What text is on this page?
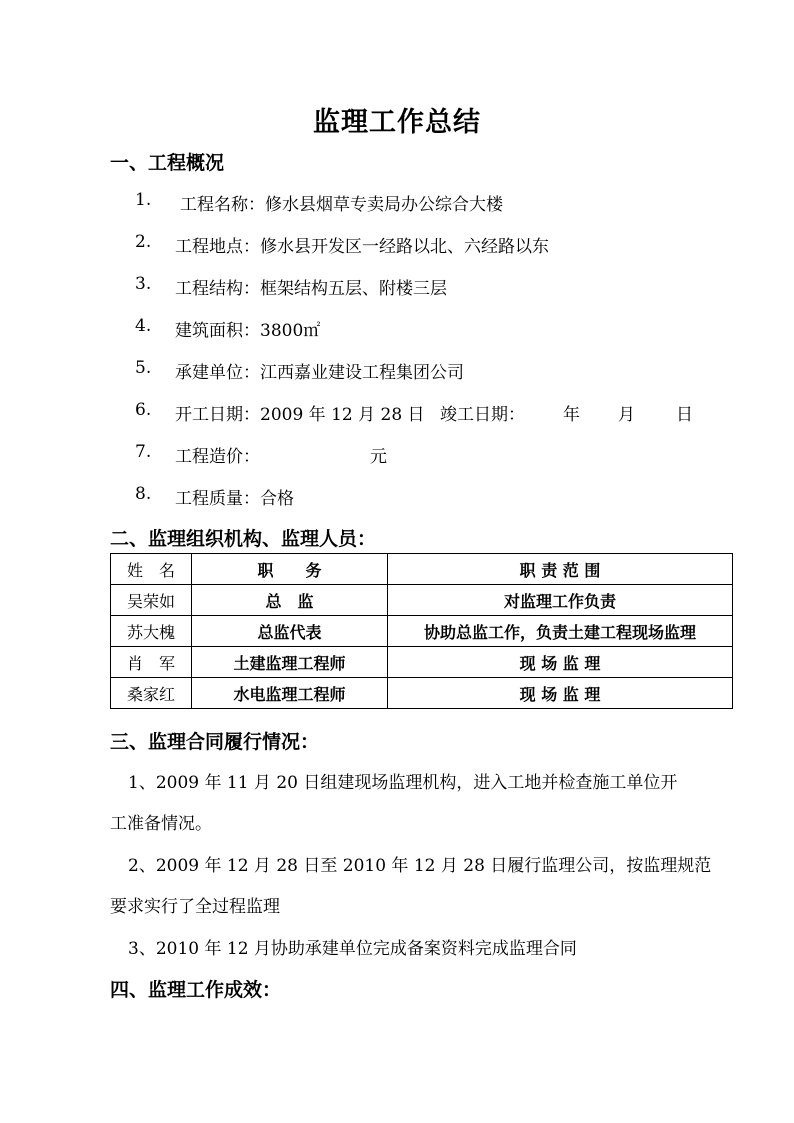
监理工作总结
一、工程概况
1. 工程名称：修水县烟草专卖局办公综合大楼
2. 工程地点：修水县开发区一经路以北、六经路以东
3. 工程结构：框架结构五层、附楼三层
4. 建筑面积：3800㎡
5. 承建单位：江西嘉业建设工程集团公司
6. 开工日期：2009 年 12 月 28 日 竣工日期： 年 月 日
7. 工程造价：	元
8. 工程质量：合格
二、监理组织机构、监理人员：
姓　名	职　　务	职 责 范 围
吴荣如	总　监	对监理工作负责
苏大槐	总监代表	协助总监工作，负责土建工程现场监理
肖　军	土建监理工程师	现 场 监 理
桑家红	水电监理工程师	现 场 监 理
三、监理合同履行情况：
1、2009 年 11 月 20 日组建现场监理机构，进入工地并检查施工单位开
工准备情况。
2、2009 年 12 月 28 日至 2010 年 12 月 28 日履行监理公司，按监理规范
要求实行了全过程监理
3、2010 年 12 月协助承建单位完成备案资料完成监理合同
四、监理工作成效：
